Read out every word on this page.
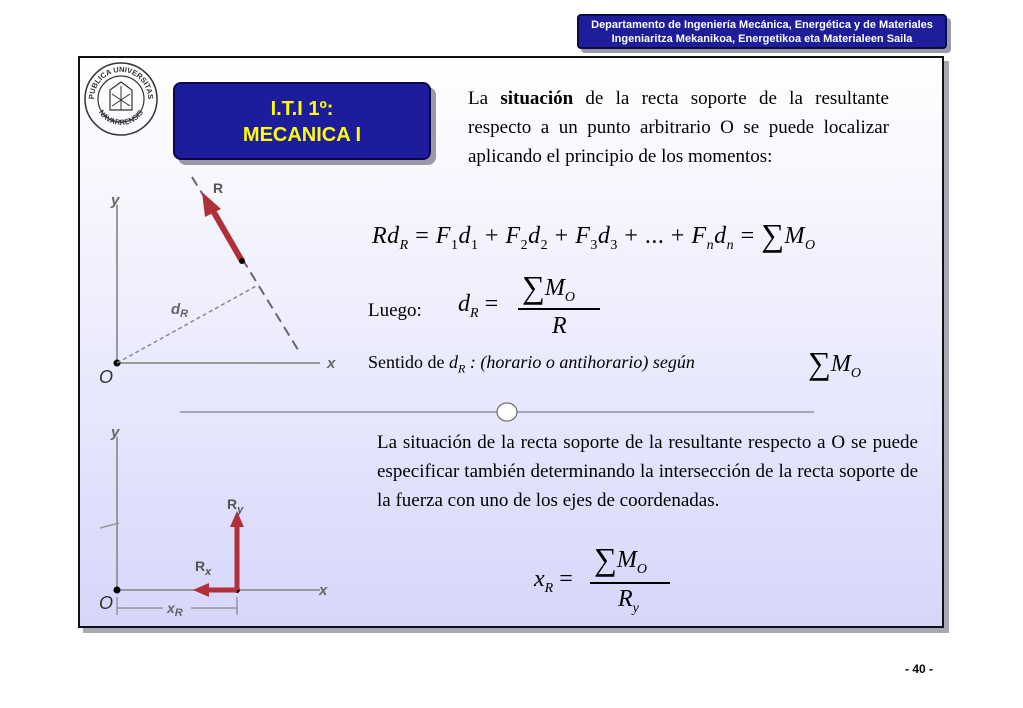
Departamento de Ingeniería Mecánica, Energética y de Materiales
Ingeniaritza Mekanikoa, Energetikoa eta Materialeen Saila
PUBLICA UNIVERSITAS
NAVARRENSIS	I.T.I 1º:
MECANICA I
La situación de la recta soporte de la resultante respecto a un punto arbitrario O se puede localizar aplicando el principio de los momentos:
$Rd_R = F_1d_1 + F_2d_2 + F_3d_3$ + ... + $F_nd_n = \sum M_O$
Luego: $d_R = \sum M_O$
R
Sentido de $d_R$ : (horario o antihorario) según	$\sum M_O$
La situación de la recta soporte de la resultante respecto a O se puede especificar también determinando la intersección de la recta soporte de la fuerza con uno de los ejes de coordenadas.
$x_R$ =
$\sum M_O$
$R_y$
y
x
O
R
$d_R$
y
x
O
$R_y$
$R_x$
$x_R$
- 40 -
